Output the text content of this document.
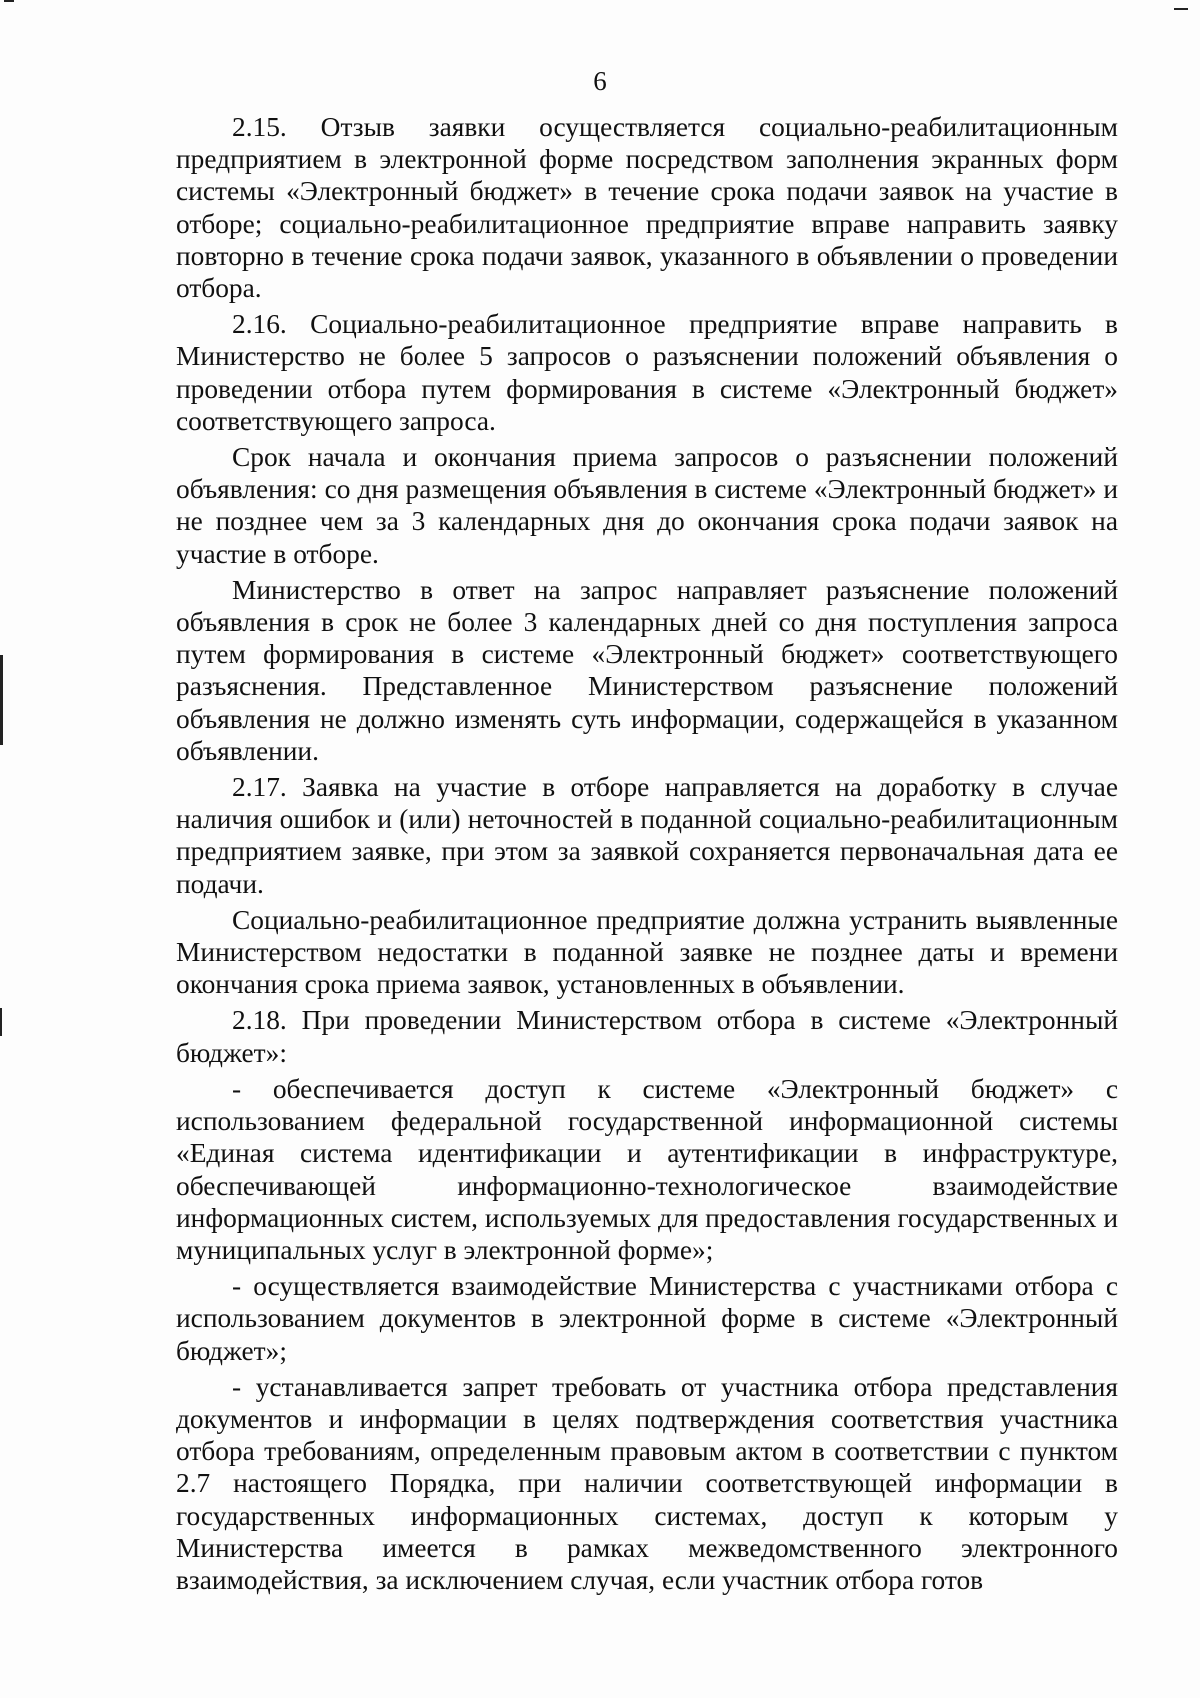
6

2.15. Отзыв заявки осуществляется социально-реабилитационным предприятием в электронной форме посредством заполнения экранных форм системы «Электронный бюджет» в течение срока подачи заявок на участие в отборе; социально-реабилитационное предприятие вправе направить заявку повторно в течение срока подачи заявок, указанного в объявлении о проведении отбора.

2.16. Социально-реабилитационное предприятие вправе направить в Министерство не более 5 запросов о разъяснении положений объявления о проведении отбора путем формирования в системе «Электронный бюджет» соответствующего запроса.

Срок начала и окончания приема запросов о разъяснении положений объявления: со дня размещения объявления в системе «Электронный бюджет» и не позднее чем за 3 календарных дня до окончания срока подачи заявок на участие в отборе.

Министерство в ответ на запрос направляет разъяснение положений объявления в срок не более 3 календарных дней со дня поступления запроса путем формирования в системе «Электронный бюджет» соответствующего разъяснения. Представленное Министерством разъяснение положений объявления не должно изменять суть информации, содержащейся в указанном объявлении.

2.17. Заявка на участие в отборе направляется на доработку в случае наличия ошибок и (или) неточностей в поданной социально-реабилитационным предприятием заявке, при этом за заявкой сохраняется первоначальная дата ее подачи.

Социально-реабилитационное предприятие должна устранить выявленные Министерством недостатки в поданной заявке не позднее даты и времени окончания срока приема заявок, установленных в объявлении.

2.18. При проведении Министерством отбора в системе «Электронный бюджет»:

- обеспечивается доступ к системе «Электронный бюджет» с использованием федеральной государственной информационной системы «Единая система идентификации и аутентификации в инфраструктуре, обеспечивающей информационно-технологическое взаимодействие информационных систем, используемых для предоставления государственных и муниципальных услуг в электронной форме»;

- осуществляется взаимодействие Министерства с участниками отбора с использованием документов в электронной форме в системе «Электронный бюджет»;

- устанавливается запрет требовать от участника отбора представления документов и информации в целях подтверждения соответствия участника отбора требованиям, определенным правовым актом в соответствии с пунктом 2.7 настоящего Порядка, при наличии соответствующей информации в государственных информационных системах, доступ к которым у Министерства имеется в рамках межведомственного электронного взаимодействия, за исключением случая, если участник отбора готов
